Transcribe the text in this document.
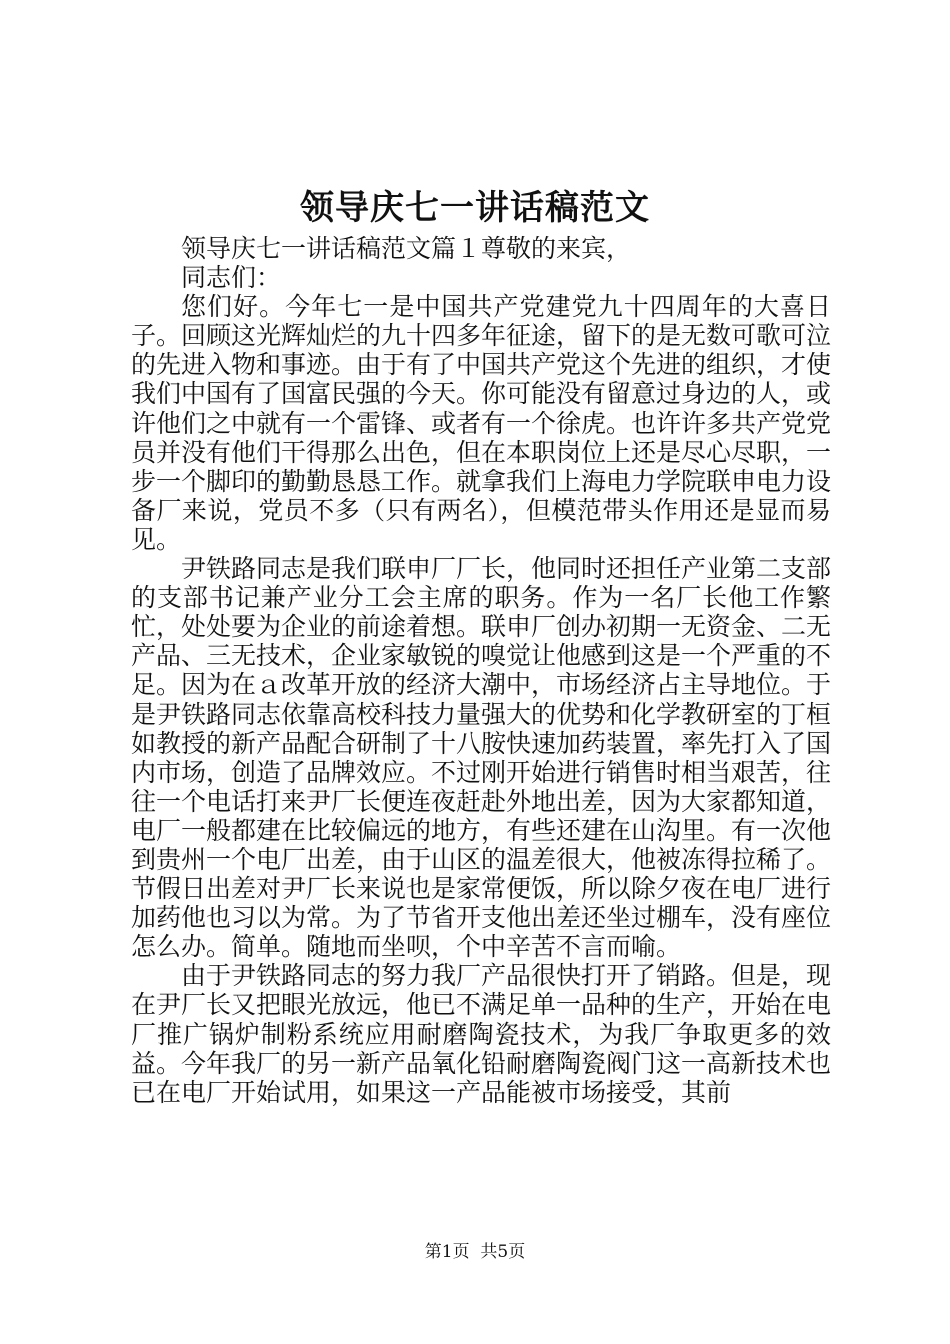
领导庆七一讲话稿范文

领导庆七一讲话稿范文篇１尊敬的来宾，

同志们：

您们好。今年七一是中国共产党建党九十四周年的大喜日子。回顾这光辉灿烂的九十四多年征途，留下的是无数可歌可泣的先进入物和事迹。由于有了中国共产党这个先进的组织，才使我们中国有了国富民强的今天。你可能没有留意过身边的人，或许他们之中就有一个雷锋、或者有一个徐虎。也许许多共产党党员并没有他们干得那么出色，但在本职岗位上还是尽心尽职，一步一个脚印的勤勤恳恳工作。就拿我们上海电力学院联申电力设备厂来说，党员不多（只有两名），但模范带头作用还是显而易见。

尹铁路同志是我们联申厂厂长，他同时还担任产业第二支部的支部书记兼产业分工会主席的职务。作为一名厂长他工作繁忙，处处要为企业的前途着想。联申厂创办初期一无资金、二无产品、三无技术，企业家敏锐的嗅觉让他感到这是一个严重的不足。因为在ａ改革开放的经济大潮中，市场经济占主导地位。于是尹铁路同志依靠高校科技力量强大的优势和化学教研室的丁桓如教授的新产品配合研制了十八胺快速加药装置，率先打入了国内市场，创造了品牌效应。不过刚开始进行销售时相当艰苦，往往一个电话打来尹厂长便连夜赶赴外地出差，因为大家都知道，电厂一般都建在比较偏远的地方，有些还建在山沟里。有一次他到贵州一个电厂出差，由于山区的温差很大，他被冻得拉稀了。节假日出差对尹厂长来说也是家常便饭，所以除夕夜在电厂进行加药他也习以为常。为了节省开支他出差还坐过棚车，没有座位怎么办。简单。随地而坐呗，个中辛苦不言而喻。

由于尹铁路同志的努力我厂产品很快打开了销路。但是，现在尹厂长又把眼光放远，他已不满足单一品种的生产，开始在电厂推广锅炉制粉系统应用耐磨陶瓷技术，为我厂争取更多的效益。今年我厂的另一新产品氧化铅耐磨陶瓷阀门这一高新技术也已在电厂开始试用，如果这一产品能被市场接受，其前

第1页 共5页
